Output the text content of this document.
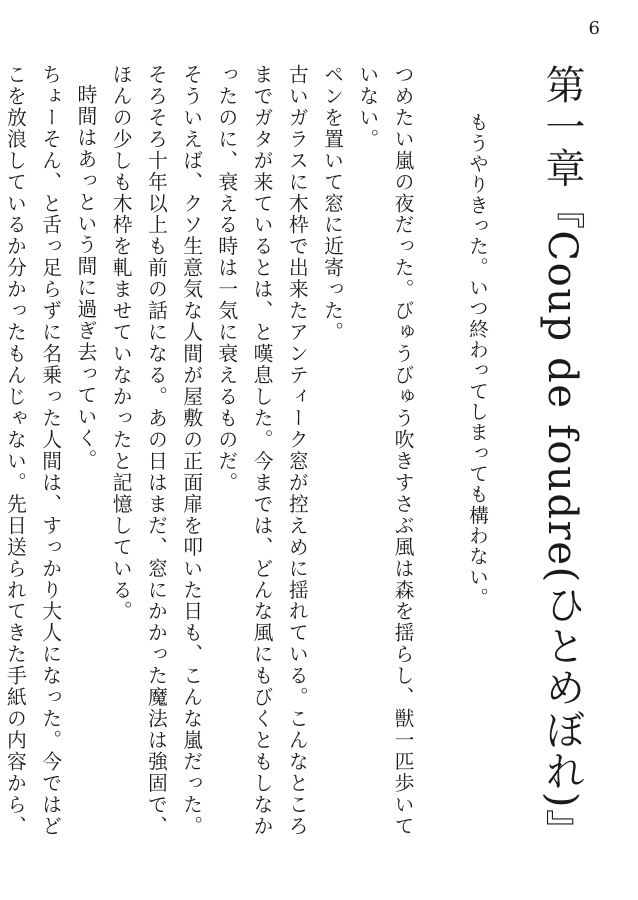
6
第一章『Coup de foudre(ひとめぼれ)』
もうやりきった。いつ終わってしまっても構わない。

つめたい嵐の夜だった。びゅうびゅう吹きすさぶ風は森を揺らし、獣一匹歩いていない。

ペンを置いて窓に近寄った。

古いガラスに木枠で出来たアンティーク窓が控えめに揺れている。こんなところまでガタが来ているとは、と嘆息した。今までは、どんな風にもびくともしなかったのに、衰える時は一気に衰えるものだ。

そういえば、クソ生意気な人間が屋敷の正面扉を叩いた日も、こんな嵐だった。そろそろ十年以上も前の話になる。あの日はまだ、窓にかかった魔法は強固で、ほんの少しも木枠を軋ませていなかったと記憶している。

時間はあっという間に過ぎ去っていく。

ちょーそん、と舌っ足らずに名乗った人間は、すっかり大人になった。今ではどこを放浪しているか分かったもんじゃない。先日送られてきた手紙の内容から、
